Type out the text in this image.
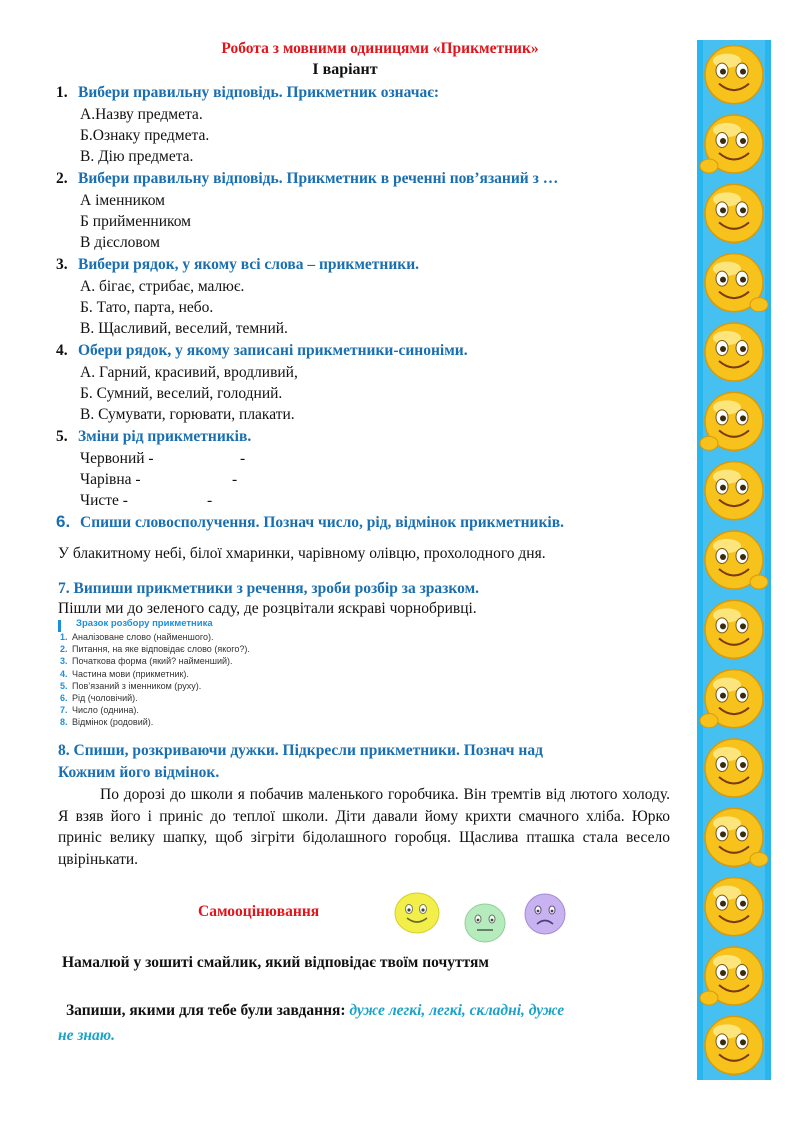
Робота з мовними одиницями «Прикметник»
І варіант
1. Вибери правильну відповідь. Прикметник означає:
А.Назву предмета.
Б.Ознаку предмета.
В. Дію предмета.
2. Вибери правильну відповідь. Прикметник в реченні пов’язаний з …
А іменником
Б прийменником
В дієсловом
3. Вибери рядок, у якому всі слова – прикметники.
А. бігає, стрибає, малює.
Б. Тато, парта, небо.
В. Щасливий, веселий, темний.
4. Обери рядок, у якому записані прикметники-синоніми.
А. Гарний, красивий, вродливий,
Б. Сумний, веселий, голодний.
В. Сумувати, горювати, плакати.
5. Зміни рід прикметників.
Червоний -	-
Чарівна -	-
Чисте -	-
6. Спиши словосполучення. Познач число, рід, відмінок прикметників.
У блакитному небі, білої хмаринки, чарівному олівцю, прохолодного дня.
7. Випиши прикметники з речення, зроби розбір за зразком.
Пішли ми до зеленого саду, де розцвітали яскраві чорнобривці.
Зразок розбору прикметника
1. Аналізоване слово (найменшого).
2. Питання, на яке відповідає слово (якого?).
3. Початкова форма (який? найменший).
4. Частина мови (прикметник).
5. Пов’язаний з іменником (руху).
6. Рід (чоловічий).
7. Число (однина).
8. Відмінок (родовий).
8. Спиши, розкриваючи дужки. Підкресли прикметники. Познач над
Кожним його відмінок.
По дорозі до школи я побачив маленького горобчика. Він тремтів від лютого холоду. Я взяв його і приніс до теплої школи. Діти давали йому крихти смачного хліба. Юрко приніс велику шапку, щоб зігріти бідолашного горобця. Щаслива пташка стала весело цвірінькати.
Самооцінювання
Намалюй у зошиті смайлик, який відповідає твоїм почуттям
Запиши, якими для тебе були завдання: дуже легкі, легкі, складні, дуже
не знаю.
